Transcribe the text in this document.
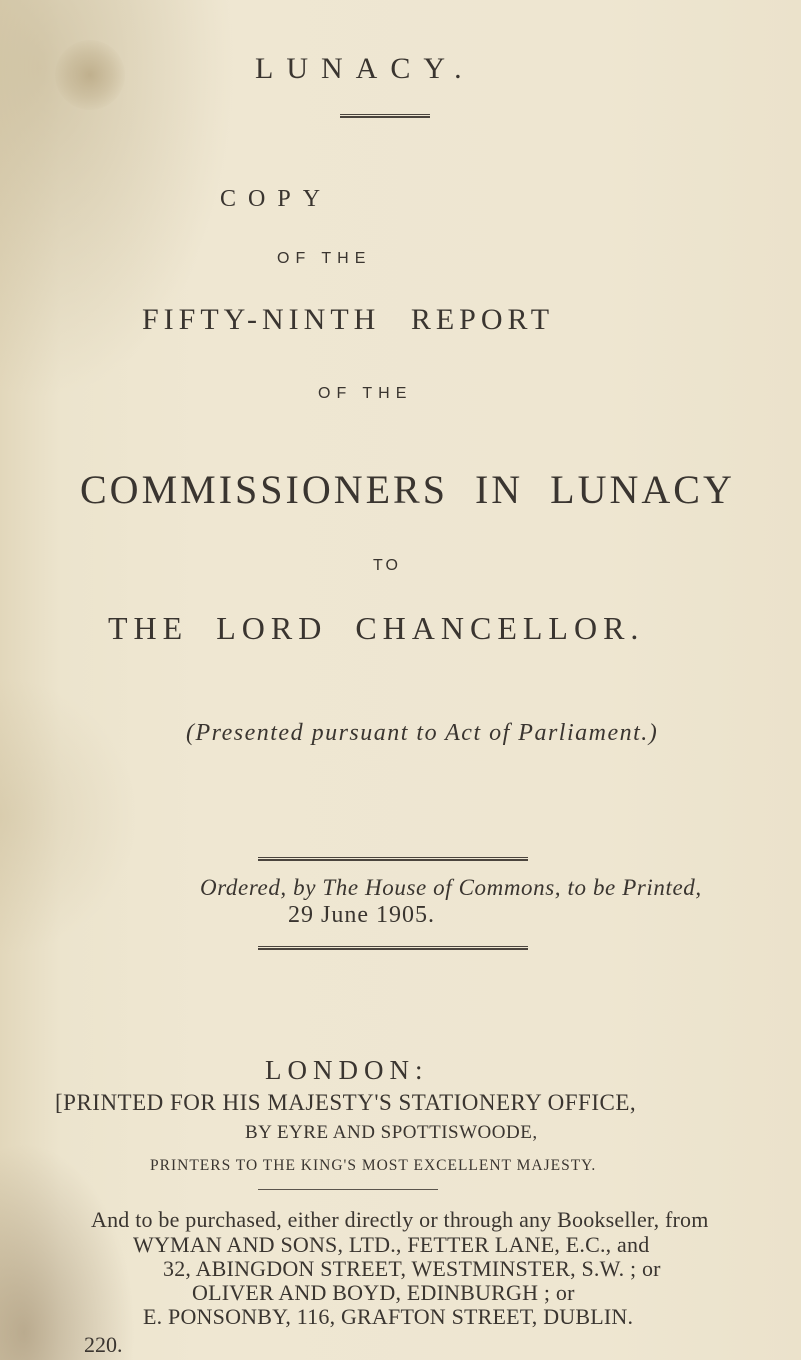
LUNACY.
COPY
OF THE
FIFTY-NINTH REPORT
OF THE
COMMISSIONERS IN LUNACY
TO
THE LORD CHANCELLOR.
(Presented pursuant to Act of Parliament.)
Ordered, by The House of Commons, to be Printed,
29 June 1905.
LONDON:
[PRINTED FOR HIS MAJESTY'S STATIONERY OFFICE,
BY EYRE AND SPOTTISWOODE,
PRINTERS TO THE KING'S MOST EXCELLENT MAJESTY.
And to be purchased, either directly or through any Bookseller, from
WYMAN AND SONS, LTD., FETTER LANE, E.C., and
32, ABINGDON STREET, WESTMINSTER, S.W. ; or
OLIVER AND BOYD, EDINBURGH ; or
E. PONSONBY, 116, GRAFTON STREET, DUBLIN.
220.
